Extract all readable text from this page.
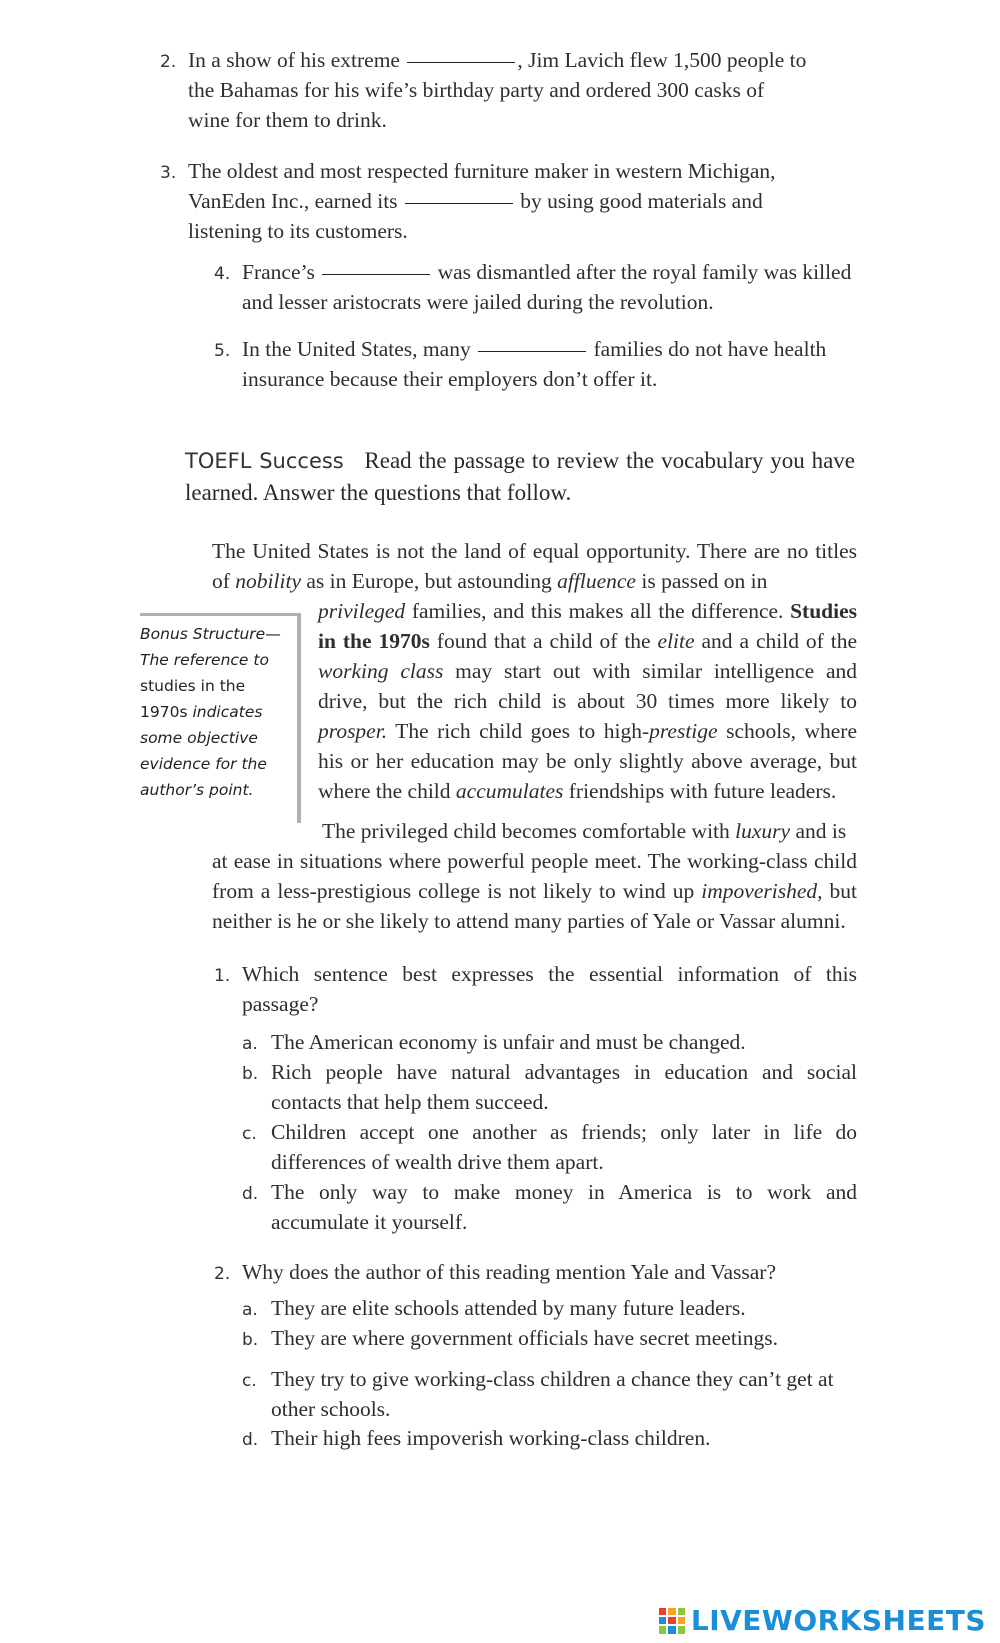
2. In a show of his extreme	, Jim Lavich flew 1,500 people to the Bahamas for his wife’s birthday party and ordered 300 casks of wine for them to drink.
3. The oldest and most respected furniture maker in western Michigan, VanEden Inc., earned its	by using good materials and listening to its customers.
4. France’s	was dismantled after the royal family was killed and lesser aristocrats were jailed during the revolution.
5. In the United States, many	families do not have health insurance because their employers don’t offer it.
TOEFL Success Read the passage to review the vocabulary you have learned. Answer the questions that follow.
The United States is not the land of equal opportunity. There are no titles of nobility as in Europe, but astounding affluence is passed on in
privileged families, and this makes all the difference. Studies in the 1970s found that a child of the elite and a child of the working class may start out with similar intelligence and drive, but the rich child is about 30 times more likely to prosper. The rich child goes to high-prestige schools, where his or her education may be only slightly above average, but where the child accumulates friendships with future leaders.
The privileged child becomes comfortable with luxury and is
at ease in situations where powerful people meet. The working-class child from a less-prestigious college is not likely to wind up impoverished, but neither is he or she likely to attend many parties of Yale or Vassar alumni.
Bonus Structure—
The reference to
studies in the
1970s indicates
some objective
evidence for the
author’s point.
1. Which sentence best expresses the essential information of this passage?
a. The American economy is unfair and must be changed.
b. Rich people have natural advantages in education and social contacts that help them succeed.
c. Children accept one another as friends; only later in life do differences of wealth drive them apart.
d. The only way to make money in America is to work and accumulate it yourself.
2. Why does the author of this reading mention Yale and Vassar?
a. They are elite schools attended by many future leaders.
b. They are where government officials have secret meetings.
c. They try to give working-class children a chance they can’t get at other schools.
d. Their high fees impoverish working-class children.
LIVEWORKSHEETS
